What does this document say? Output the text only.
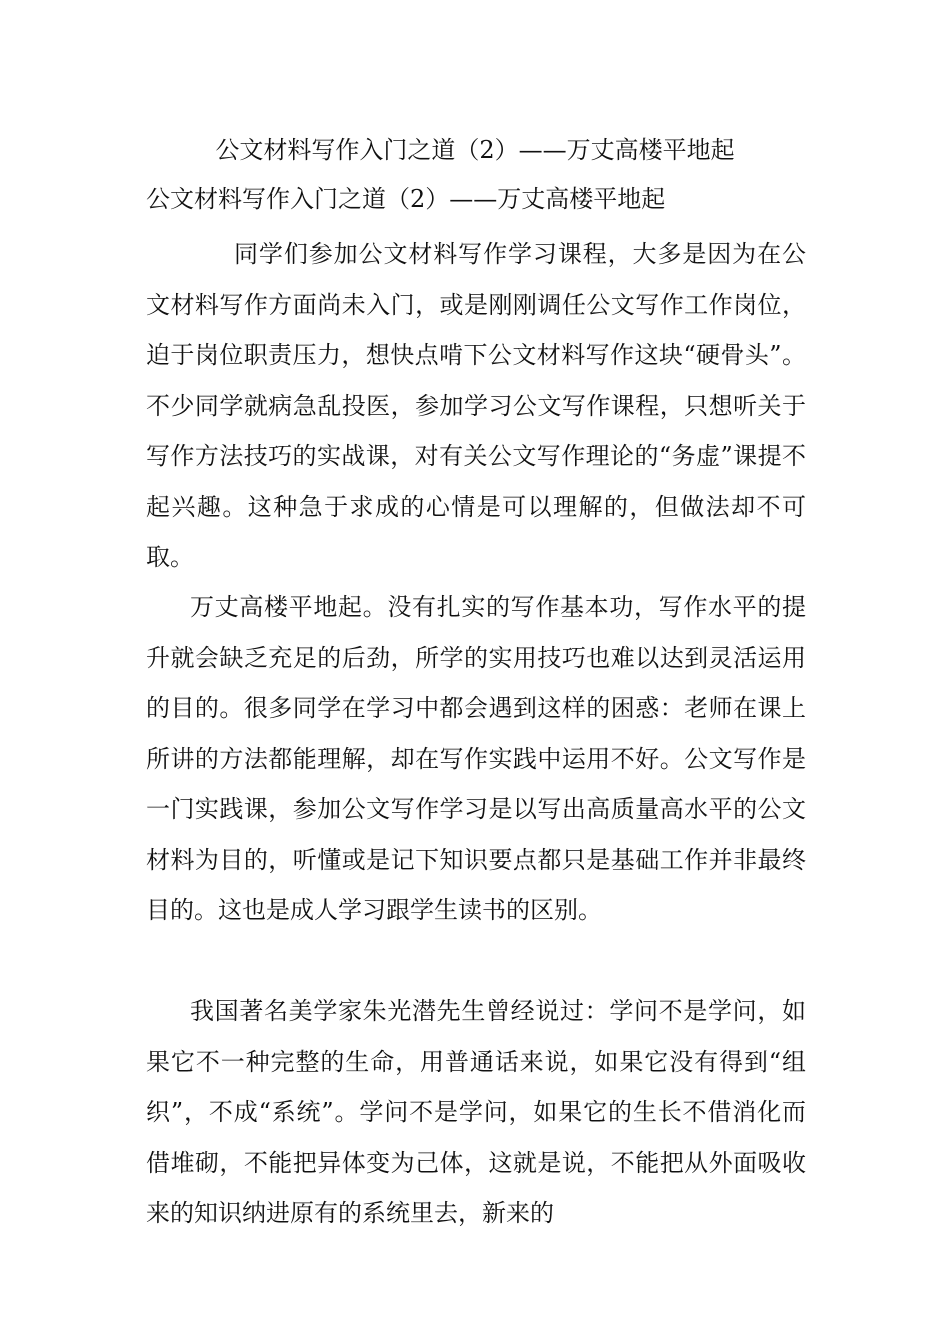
公文材料写作入门之道（2）——万丈高楼平地起
公文材料写作入门之道（2）——万丈高楼平地起

同学们参加公文材料写作学习课程，大多是因为在公文材料写作方面尚未入门，或是刚刚调任公文写作工作岗位，迫于岗位职责压力，想快点啃下公文材料写作这块“硬骨头”。不少同学就病急乱投医，参加学习公文写作课程，只想听关于写作方法技巧的实战课，对有关公文写作理论的“务虚”课提不起兴趣。这种急于求成的心情是可以理解的，但做法却不可取。

万丈高楼平地起。没有扎实的写作基本功，写作水平的提升就会缺乏充足的后劲，所学的实用技巧也难以达到灵活运用的目的。很多同学在学习中都会遇到这样的困惑：老师在课上所讲的方法都能理解，却在写作实践中运用不好。公文写作是一门实践课，参加公文写作学习是以写出高质量高水平的公文材料为目的，听懂或是记下知识要点都只是基础工作并非最终目的。这也是成人学习跟学生读书的区别。

我国著名美学家朱光潜先生曾经说过：学问不是学问，如果它不一种完整的生命，用普通话来说，如果它没有得到“组织”，不成“系统”。学问不是学问，如果它的生长不借消化而借堆砌，不能把异体变为己体，这就是说，不能把从外面吸收来的知识纳进原有的系统里去，新来的
